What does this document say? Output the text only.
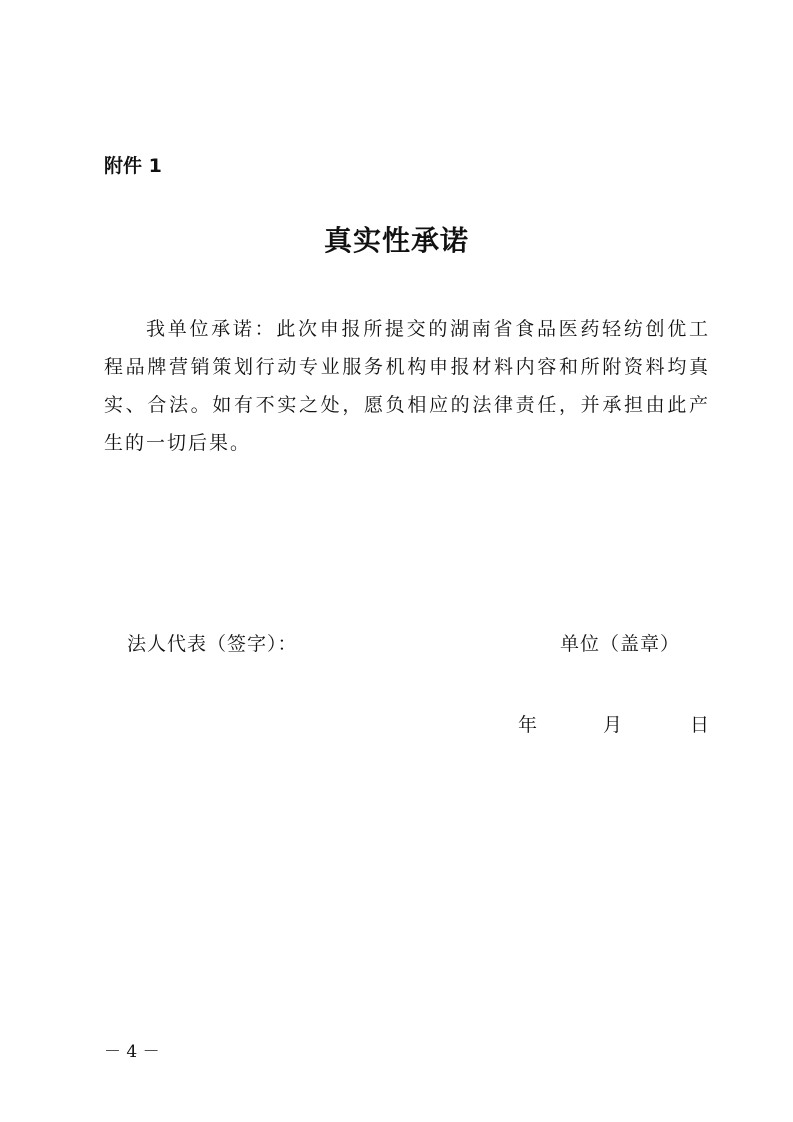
附件 1

真实性承诺

我单位承诺：此次申报所提交的湖南省食品医药轻纺创优工程品牌营销策划行动专业服务机构申报材料内容和所附资料均真实、合法。如有不实之处，愿负相应的法律责任，并承担由此产生的一切后果。

法人代表（签字）：	单位（盖章）

年	月	日

－ 4 －
